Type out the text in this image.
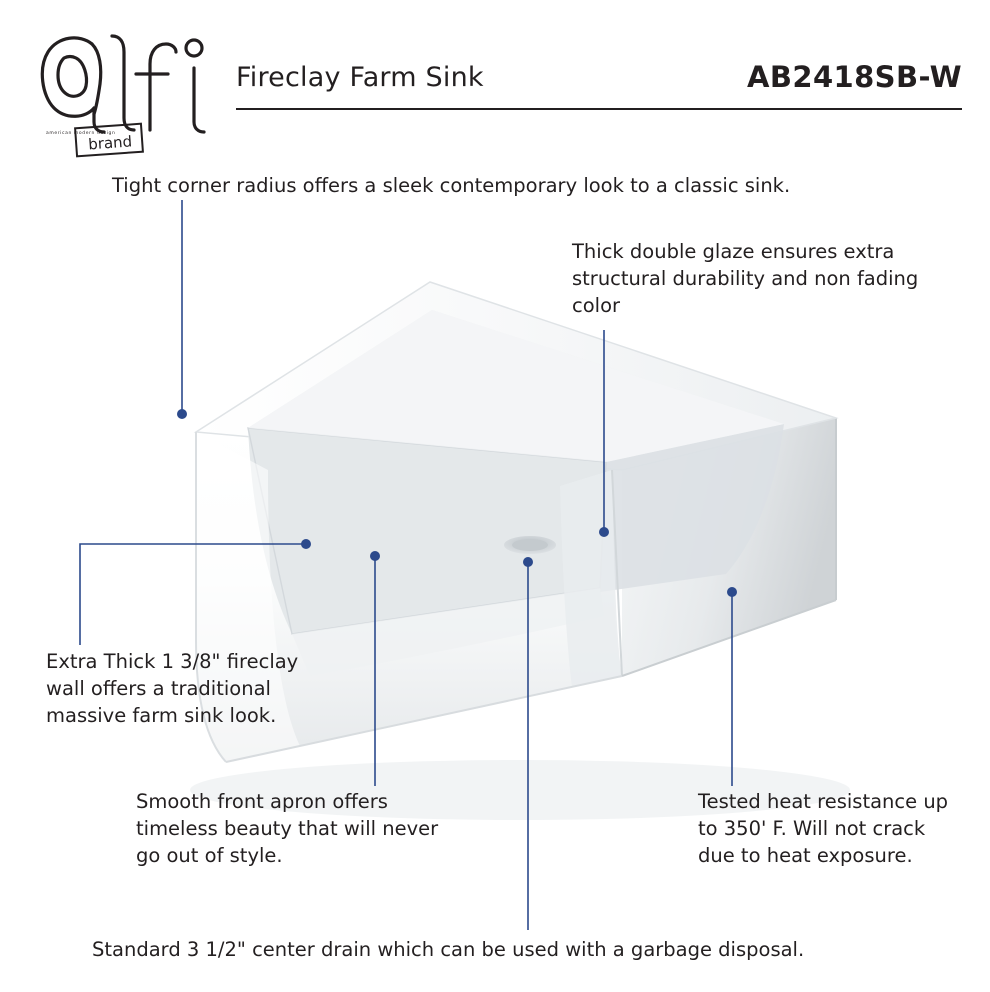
brand
american modern design
Fireclay Farm Sink	AB2418SB-W
Tight corner radius offers a sleek contemporary look to a classic sink.
Thick double glaze ensures extra structural durability and non fading color
Extra Thick 1 3/8" fireclay wall offers a traditional massive farm sink look.
Smooth front apron offers timeless beauty that will never go out of style.
Tested heat resistance up to 350' F. Will not crack due to heat exposure.
Standard 3 1/2" center drain which can be used with a garbage disposal.
